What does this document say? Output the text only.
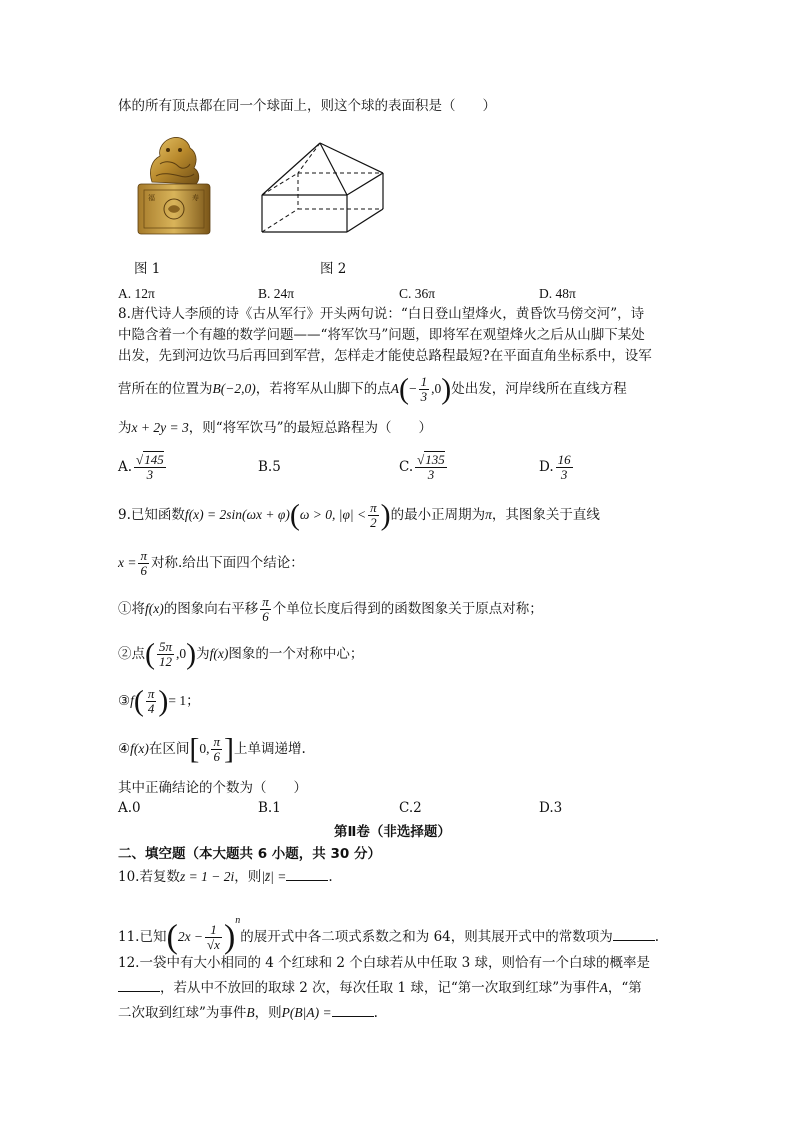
体的所有顶点都在同一个球面上，则这个球的表面积是（　　）
福	寿
图 1	图 2
A. 12π	B. 24π	C. 36π	D. 48π
8.唐代诗人李颀的诗《古从军行》开头两句说：“白日登山望烽火，黄昏饮马傍交河”，诗
中隐含着一个有趣的数学问题——“将军饮马”问题，即将军在观望烽火之后从山脚下某处
出发，先到河边饮马后再回到军营，怎样走才能使总路程最短?在平面直角坐标系中，设军
营所在的位置为B(−2,0)，若将军从山脚下的点$A(- \frac{1}{3} ,0)$处出发，河岸线所在直线方程
为x + 2y = 3，则“将军饮马”的最短总路程为（　　）
A. $\frac{√145}{3}$	B.5	C. $\frac{√135}{3}$	D. $\frac{16}{3}$
9.已知函数f(x) = 2sin(ωx + φ)(ω > 0, $|\varphi| < \frac{\pi}{2}$ )的最小正周期为π，其图象关于直线
$x = \frac{\pi}{6}$ 对称.给出下面四个结论：
①将f(x)的图象向右平移 $\frac{\pi}{6}$ 个单位长度后得到的函数图象关于原点对称；
②点( $\frac{5\pi}{12} ,0$)为f(x)图象的一个对称中心；
③f( $\frac{\pi}{4}$ )= 1；
④f(x)在区间[0, $\frac{\pi}{6}$ ]上单调递增.
其中正确结论的个数为（　　）
A.0	B.1	C.2	D.3
第Ⅱ卷（非选择题）
二、填空题（本大题共 6 小题，共 30 分）
10.若复数z = 1 − 2i，则|z̄| =	.
11.已知$(2x - \frac{1}{√x} )^n$的展开式中各二项式系数之和为 64，则其展开式中的常数项为	.
12.一袋中有大小相同的 4 个红球和 2 个白球若从中任取 3 球，则恰有一个白球的概率是
，若从中不放回的取球 2 次，每次任取 1 球，记“第一次取到红球”为事件A，“第
二次取到红球”为事件B，则P(B|A) =	.
